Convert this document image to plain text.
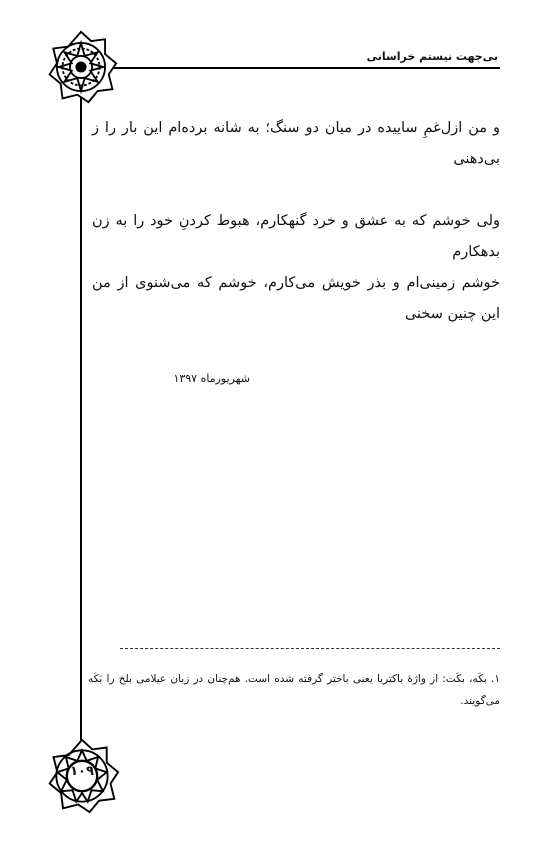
بی‌جهت نیستم خراسانی
و من ازل‌غمِ ساییده در میان دو سنگ؛ به شانه برده‌ام این بار را ز بی‌دهنی
ولی خوشم که به عشق و خرد گنهکارم، هبوط کردنِ خود را به زن بدهکارم
خوشم زمینی‌ام و بذر خویش می‌کارم، خوشم که می‌شنوی از من این چنین سخنی
شهریورماه ۱۳۹۷
۱. بکَه، بکَت: از واژهٔ باکتریا یعنی باختر گرفته شده است. هم‌چنان در زبان عیلامی بلخ را بَکَه می‌گویند.
۱۰۹
